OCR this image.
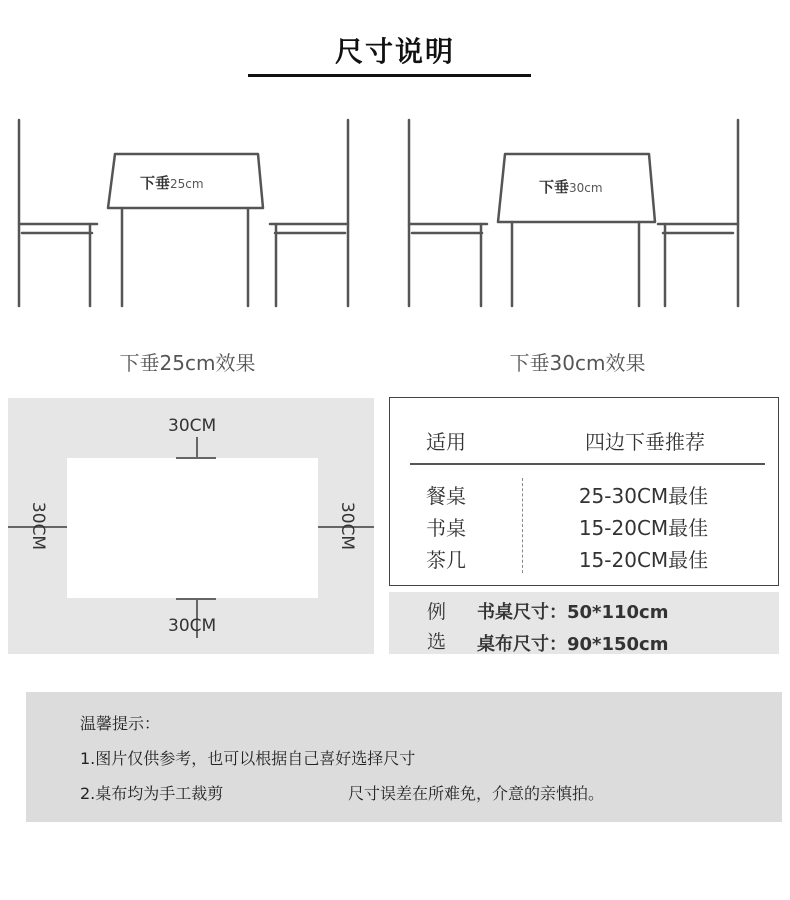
尺寸说明
下垂25cm
下垂25cm效果
下垂30cm
下垂30cm效果
30CM
30CM
30CM	30CM
适用	四边下垂推荐
餐桌	25-30CM最佳
书桌	15-20CM最佳
茶几	15-20CM最佳
例
选
书桌尺寸：50*110cm
桌布尺寸：90*150cm
温馨提示：
1.图片仅供参考，也可以根据自己喜好选择尺寸
2.桌布均为手工裁剪	尺寸误差在所难免，介意的亲慎拍。
